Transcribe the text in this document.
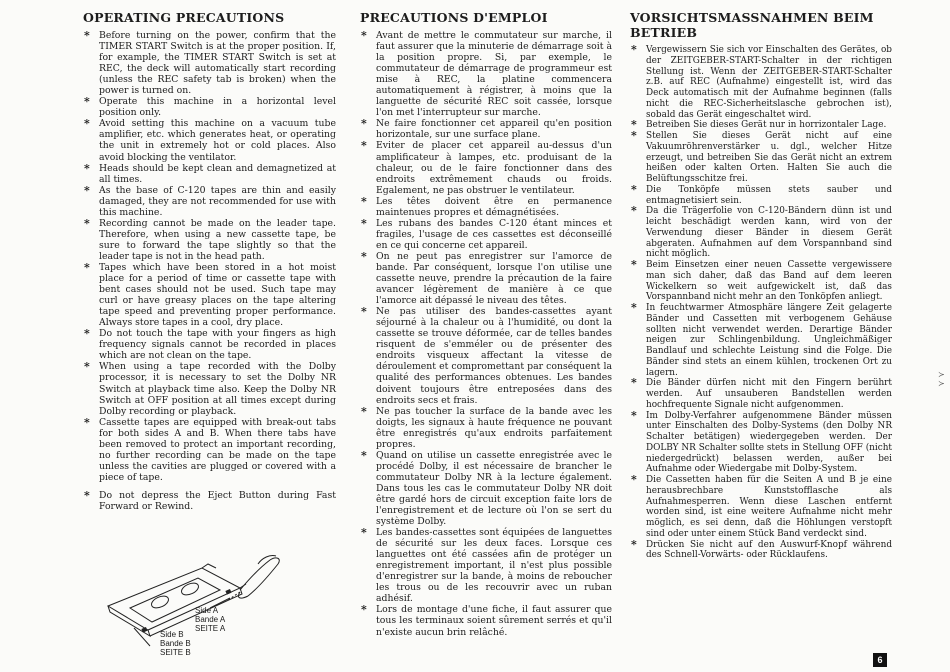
OPERATING PRECAUTIONS
* Before turning on the power, confirm that the TIMER START Switch is at the proper position. If, for example, the TIMER START Switch is set at REC, the deck will automatically start recording (unless the REC safety tab is broken) when the power is turned on.
* Operate this machine in a horizontal level position only.
* Avoid setting this machine on a vacuum tube amplifier, etc. which generates heat, or operating the unit in extremely hot or cold places. Also avoid blocking the ventilator.
* Heads should be kept clean and demagnetized at all times.
* As the base of C-120 tapes are thin and easily damaged, they are not recommended for use with this machine.
* Recording cannot be made on the leader tape. Therefore, when using a new cassette tape, be sure to forward the tape slightly so that the leader tape is not in the head path.
* Tapes which have been stored in a hot moist place for a period of time or cassette tape with bent cases should not be used. Such tape may curl or have greasy places on the tape altering tape speed and preventing proper performance. Always store tapes in a cool, dry place.
* Do not touch the tape with your fingers as high frequency signals cannot be recorded in places which are not clean on the tape.
* When using a tape recorded with the Dolby processor, it is necessary to set the Dolby NR Switch at playback time also. Keep the Dolby NR Switch at OFF position at all times except during Dolby recording or playback.
* Cassette tapes are equipped with break-out tabs for both sides A and B. When there tabs have been removed to protect an important recording, no further recording can be made on the tape unless the cavities are plugged or covered with a piece of tape.
* Do not depress the Eject Button during Fast Forward or Rewind.
Side A
Bande A
SEITE A
Side B
Bande B
SEITE B
PRECAUTIONS D'EMPLOI
* Avant de mettre le commutateur sur marche, il faut assurer que la minuterie de démarrage soit à la position propre. Si, par exemple, le commutateur de démarrage de programmeur est mise à REC, la platine commencera automatiquement à régistrer, à moins que la languette de sécurité REC soit cassée, lorsque l'on met l'interrupteur sur marche.
* Ne faire fonctionner cet appareil qu'en position horizontale, sur une surface plane.
* Eviter de placer cet appareil au-dessus d'un amplificateur à lampes, etc. produisant de la chaleur, ou de le faire fonctionner dans des endroits extrêmement chauds ou froids. Egalement, ne pas obstruer le ventilateur.
* Les têtes doivent être en permanence maintenues propres et démagnétisées.
* Les rubans des bandes C-120 étant minces et fragiles, l'usage de ces cassettes est déconseillé en ce qui concerne cet appareil.
* On ne peut pas enregistrer sur l'amorce de bande. Par conséquent, lorsque l'on utilise une cassette neuve, prendre la précaution de la faire avancer légèrement de manière à ce que l'amorce ait dépassé le niveau des têtes.
* Ne pas utiliser des bandes-cassettes ayant séjourné à la chaleur ou à l'humidité, ou dont la cassette se trouve déformée, car de telles bandes risquent de s'emméler ou de présenter des endroits visqueux affectant la vitesse de déroulement et compromettant par conséquent la qualité des performances obtenues. Les bandes doivent toujours être entreposées dans des endroits secs et frais.
* Ne pas toucher la surface de la bande avec les doigts, les signaux à haute fréquence ne pouvant être enregistrés qu'aux endroits parfaitement propres.
* Quand on utilise un cassette enregistrée avec le procédé Dolby, il est nécessaire de brancher le commutateur Dolby NR à la lecture également. Dans tous les cas le commutateur Dolby NR doit être gardé hors de circuit exception faite lors de l'enregistrement et de lecture où l'on se sert du système Dolby.
* Les bandes-cassettes sont équipées de languettes de sécurité sur les deux faces. Lorsque ces languettes ont été cassées afin de protéger un enregistrement important, il n'est plus possible d'enregistrer sur la bande, à moins de reboucher les trous ou de les recouvrir avec un ruban adhésif.
* Lors de montage d'une fiche, il faut assurer que tous les terminaux soient sûrement serrés et qu'il n'existe aucun brin relâché.
VORSICHTSMASSNAHMEN BEIM BETRIEB
* Vergewissern Sie sich vor Einschalten des Gerätes, ob der ZEITGEBER-START-Schalter in der richtigen Stellung ist. Wenn der ZEITGEBER-START-Schalter z.B. auf REC (Aufnahme) eingestellt ist, wird das Deck automatisch mit der Aufnahme beginnen (falls nicht die REC-Sicherheitslasche gebrochen ist), sobald das Gerät eingeschaltet wird.
* Betreiben Sie dieses Gerät nur in horrizontaler Lage.
* Stellen Sie dieses Gerät nicht auf eine Vakuumröhrenverstärker u. dgl., welcher Hitze erzeugt, und betreiben Sie das Gerät nicht an extrem heißen oder kalten Orten. Halten Sie auch die Belüftungsschitze frei.
* Die Tonköpfe müssen stets sauber und entmagnetisiert sein.
* Da die Trägerfolie von C-120-Bändern dünn ist und leicht beschädigt werden kann, wird von der Verwendung dieser Bänder in diesem Gerät abgeraten. Aufnahmen auf dem Vorspannband sind nicht möglich.
* Beim Einsetzen einer neuen Cassette vergewissere man sich daher, daß das Band auf dem leeren Wickelkern so weit aufgewickelt ist, daß das Vorspannband nicht mehr an den Tonköpfen anliegt.
* In feuchtwarmer Atmosphäre längere Zeit gelagerte Bänder und Cassetten mit verbogenem Gehäuse sollten nicht verwendet werden. Derartige Bänder neigen zur Schlingenbildung. Ungleichmäßiger Bandlauf und schlechte Leistung sind die Folge. Die Bänder sind stets an einem kühlen, trockenen Ort zu lagern.
* Die Bänder dürfen nicht mit den Fingern berührt werden. Auf unsauberen Bandstellen werden hochfrequente Signale nicht aufgenommen.
* Im Dolby-Verfahrer aufgenommene Bänder müssen unter Einschalten des Dolby-Systems (den Dolby NR Schalter betätigen) wiedergegeben werden. Der DOLBY NR Schalter sollte stets in Stellung OFF (nicht niedergedrückt) belassen werden, außer bei Aufnahme oder Wiedergabe mit Dolby-System.
* Die Cassetten haben für die Seiten A und B je eine herausbrechbare Kunststofflasche als Aufnahmesperren. Wenn diese Laschen entfernt worden sind, ist eine weitere Aufnahme nicht mehr möglich, es sei denn, daß die Höhlungen verstopft sind oder unter einem Stück Band verdeckt sind.
* Drücken Sie nicht auf den Auswurf-Knopf während des Schnell-Vorwärts- oder Rücklaufens.
≻
≻
6
